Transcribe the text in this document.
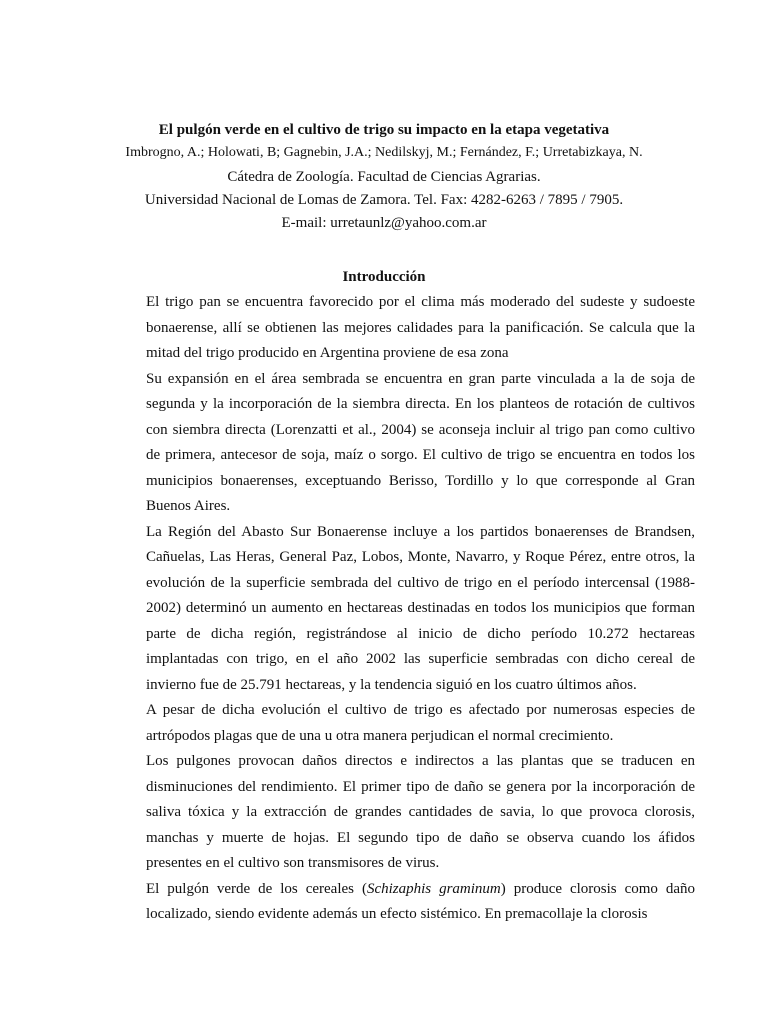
El pulgón verde en el cultivo de trigo su impacto en la etapa vegetativa

Imbrogno, A.; Holowati, B; Gagnebin, J.A.; Nedilskyj, M.; Fernández, F.; Urretabizkaya, N.

Cátedra de Zoología. Facultad de Ciencias Agrarias.

Universidad Nacional de Lomas de Zamora. Tel. Fax: 4282-6263 / 7895 / 7905.

E-mail: urretaunlz@yahoo.com.ar

Introducción

El trigo pan se encuentra favorecido por el clima más moderado del sudeste y sudoeste bonaerense, allí se obtienen las mejores calidades para la panificación. Se calcula que la mitad del trigo producido en Argentina proviene de esa zona

Su expansión en el área sembrada se encuentra en gran parte vinculada a la de soja de segunda y la incorporación de la siembra directa. En los planteos de rotación de cultivos con siembra directa (Lorenzatti et al., 2004) se aconseja incluir al trigo pan como cultivo de primera, antecesor de soja, maíz o sorgo. El cultivo de trigo se encuentra en todos los municipios bonaerenses, exceptuando Berisso, Tordillo y lo que corresponde al Gran Buenos Aires.

La Región del Abasto Sur Bonaerense incluye a los partidos bonaerenses de Brandsen, Cañuelas, Las Heras, General Paz, Lobos, Monte, Navarro, y Roque Pérez, entre otros, la evolución de la superficie sembrada del cultivo de trigo en el período intercensal (1988- 2002) determinó un aumento en hectareas destinadas en todos los municipios que forman parte de dicha región, registrándose al inicio de dicho período 10.272 hectareas implantadas con trigo, en el año 2002 las superficie sembradas con dicho cereal de invierno fue de 25.791 hectareas, y la tendencia siguió en los cuatro últimos años.

A pesar de dicha evolución el cultivo de trigo es afectado por numerosas especies de artrópodos plagas que de una u otra manera perjudican el normal crecimiento.

Los pulgones provocan daños directos e indirectos a las plantas que se traducen en disminuciones del rendimiento. El primer tipo de daño se genera por la incorporación de saliva tóxica y la extracción de grandes cantidades de savia, lo que provoca clorosis, manchas y muerte de hojas. El segundo tipo de daño se observa cuando los áfidos presentes en el cultivo son transmisores de virus.

El pulgón verde de los cereales (Schizaphis graminum) produce clorosis como daño localizado, siendo evidente además un efecto sistémico. En premacollaje la clorosis
